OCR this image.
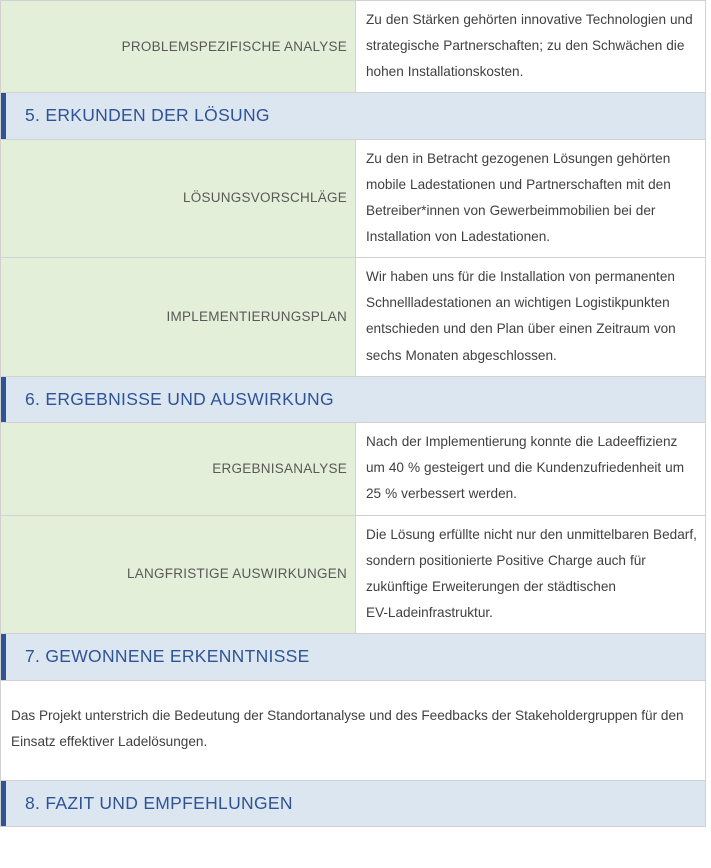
PROBLEMSPEZIFISCHE ANALYSE	Zu den Stärken gehörten innovative Technologien und strategische Partnerschaften; zu den Schwächen die hohen Installationskosten.

5. ERKUNDEN DER LÖSUNG	

LÖSUNGSVORSCHLÄGE	Zu den in Betracht gezogenen Lösungen gehörten mobile Ladestationen und Partnerschaften mit den Betreiber*innen von Gewerbeimmobilien bei der Installation von Ladestationen.
IMPLEMENTIERUNGSPLAN	Wir haben uns für die Installation von permanenten Schnellladestationen an wichtigen Logistikpunkten entschieden und den Plan über einen Zeitraum von sechs Monaten abgeschlossen.

6. ERGEBNISSE UND AUSWIRKUNG	

ERGEBNISANALYSE	Nach der Implementierung konnte die Ladeeffizienz um 40 % gesteigert und die Kundenzufriedenheit um 25 % verbessert werden.
LANGFRISTIGE AUSWIRKUNGEN	Die Lösung erfüllte nicht nur den unmittelbaren Bedarf, sondern positionierte Positive Charge auch für zukünftige Erweiterungen der städtischen
EV-Ladeinfrastruktur.

7. GEWONNENE ERKENNTNISSE	

Das Projekt unterstrich die Bedeutung der Standortanalyse und des Feedbacks der Stakeholdergruppen für den Einsatz effektiver Ladelösungen.	

8. FAZIT UND EMPFEHLUNGEN	
